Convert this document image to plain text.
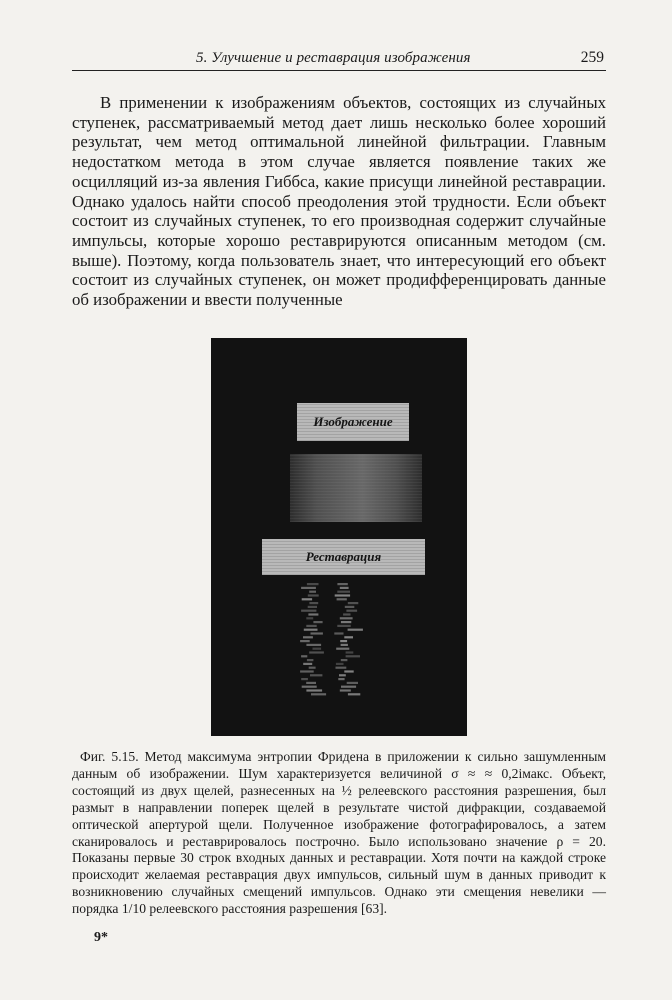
5. Улучшение и реставрация изображения	259

В применении к изображениям объектов, состоящих из случайных ступенек, рассматриваемый метод дает лишь несколько более хороший результат, чем метод оптимальной линейной фильтрации. Главным недостатком метода в этом случае является появление таких же осцилляций из-за явления Гиббса, какие присущи линейной реставрации. Однако удалось найти способ преодоления этой трудности. Если объект состоит из случайных ступенек, то его производная содержит случайные импульсы, которые хорошо реставрируются описанным методом (см. выше). Поэтому, когда пользователь знает, что интересующий его объект состоит из случайных ступенек, он может продифференцировать данные об изображении и ввести полученные

Изображение
Реставрация

Фиг. 5.15. Метод максимума энтропии Фридена в приложении к сильно зашумленным данным об изображении. Шум характеризуется величиной σ ≈ ≈ 0,2iмакс. Объект, состоящий из двух щелей, разнесенных на ½ релеевского расстояния разрешения, был размыт в направлении поперек щелей в результате чистой дифракции, создаваемой оптической апертурой щели. Полученное изображение фотографировалось, а затем сканировалось и реставрировалось построчно. Было использовано значение ρ = 20. Показаны первые 30 строк входных данных и реставрации. Хотя почти на каждой строке происходит желаемая реставрация двух импульсов, сильный шум в данных приводит к возникновению случайных смещений импульсов. Однако эти смещения невелики — порядка 1/10 релеевского расстояния разрешения [63].

9*
